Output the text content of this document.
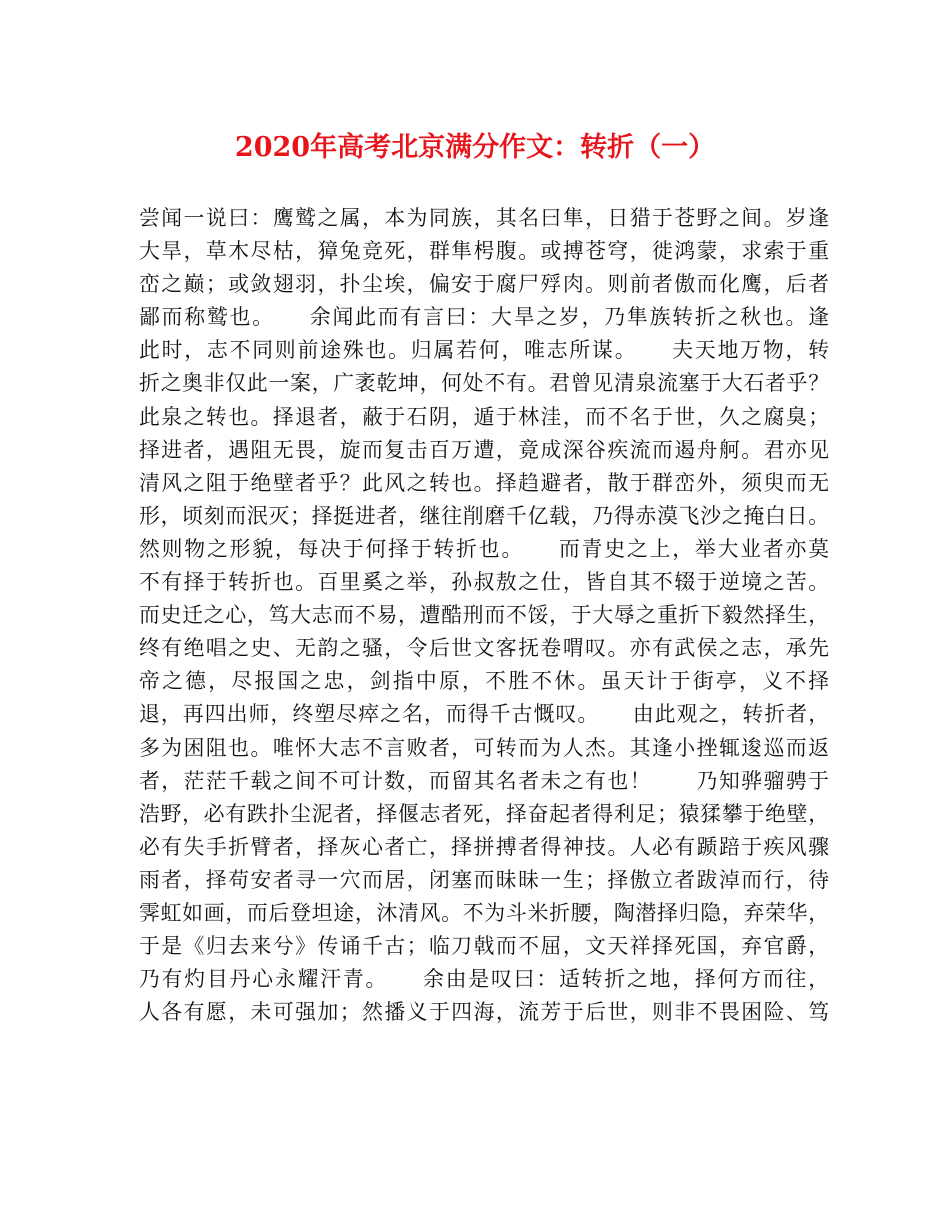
2020年高考北京满分作文：转折（一）
尝闻一说曰：鹰鹫之属，本为同族，其名曰隼，日猎于苍野之间。岁逢
大旱，草木尽枯，獐兔竞死，群隼枵腹。或搏苍穹，徙鸿蒙，求索于重
峦之巅；或敛翅羽，扑尘埃，偏安于腐尸殍肉。则前者傲而化鹰，后者
鄙而称鹫也。　　余闻此而有言曰：大旱之岁，乃隼族转折之秋也。逢
此时，志不同则前途殊也。归属若何，唯志所谋。　　夫天地万物，转
折之奥非仅此一案，广袤乾坤，何处不有。君曾见清泉流塞于大石者乎？
此泉之转也。择退者，蔽于石阴，遁于林洼，而不名于世，久之腐臭；
择进者，遇阻无畏，旋而复击百万遭，竟成深谷疾流而遏舟舸。君亦见
清风之阻于绝壁者乎？此风之转也。择趋避者，散于群峦外，须臾而无
形，顷刻而泯灭；择挺进者，继往削磨千亿载，乃得赤漠飞沙之掩白日。
然则物之形貌，每决于何择于转折也。　　而青史之上，举大业者亦莫
不有择于转折也。百里奚之举，孙叔敖之仕，皆自其不辍于逆境之苦。
而史迁之心，笃大志而不易，遭酷刑而不馁，于大辱之重折下毅然择生，
终有绝唱之史、无韵之骚，令后世文客抚卷喟叹。亦有武侯之志，承先
帝之德，尽报国之忠，剑指中原，不胜不休。虽天计于街亭，义不择
退，再四出师，终塑尽瘁之名，而得千古慨叹。　　由此观之，转折者，
多为困阻也。唯怀大志不言败者，可转而为人杰。其逢小挫辄逡巡而返
者，茫茫千载之间不可计数，而留其名者未之有也！　　乃知骅骝骋于
浩野，必有跌扑尘泥者，择偃志者死，择奋起者得利足；猿猱攀于绝壁，
必有失手折臂者，择灰心者亡，择拼搏者得神技。人必有踬踣于疾风骤
雨者，择苟安者寻一穴而居，闭塞而昧昧一生；择傲立者跋淖而行，待
霁虹如画，而后登坦途，沐清风。不为斗米折腰，陶潜择归隐，弃荣华，
于是《归去来兮》传诵千古；临刀戟而不屈，文天祥择死国，弃官爵，
乃有灼目丹心永耀汗青。　　余由是叹曰：适转折之地，择何方而往，
人各有愿，未可强加；然播义于四海，流芳于后世，则非不畏困险、笃
